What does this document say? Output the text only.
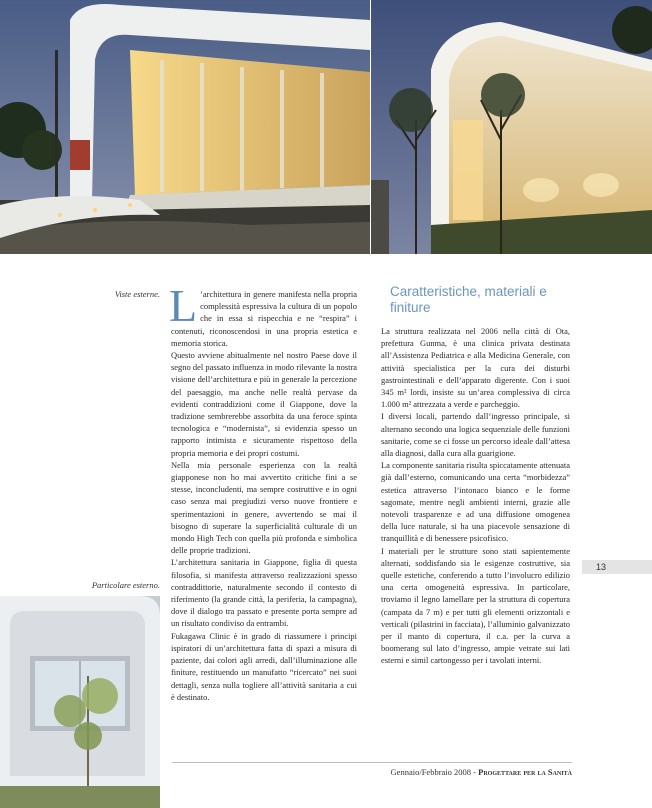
Viste esterne.
Particolare esterno.

L ’architettura in genere manifesta nella propria complessità espressiva la cultura di un popolo che in essa si rispecchia e ne “respira” i contenuti, riconoscendosi in una propria estetica e memoria storica.

Questo avviene abitualmente nel nostro Paese dove il segno del passato influenza in modo rilevante la nostra visione dell’architettura e più in generale la percezione del paesaggio, ma anche nelle realtà pervase da evidenti contraddizioni come il Giappone, dove la tradizione sembrerebbe assorbita da una feroce spinta tecnologica e “modernista”, si evidenzia spesso un rapporto intimista e sicuramente rispettoso della propria memoria e dei propri costumi.

Nella mia personale esperienza con la realtà giapponese non ho mai avvertito critiche fini a se stesse, inconcludenti, ma sempre costruttive e in ogni caso senza mai pregiudizi verso nuove frontiere e sperimentazioni in genere, avvertendo se mai il bisogno di superare la superficialità culturale di un mondo High Tech con quella più profonda e simbolica delle proprie tradizioni.

L’architettura sanitaria in Giappone, figlia di questa filosofia, si manifesta attraverso realizzazioni spesso contraddittorie, naturalmente secondo il contesto di riferimento (la grande città, la periferia, la campagna), dove il dialogo tra passato e presente porta sempre ad un risultato condiviso da entrambi.

Fukagawa Clinic è in grado di riassumere i principi ispiratori di un’architettura fatta di spazi a misura di paziente, dai colori agli arredi, dall’illuminazione alle finiture, restituendo un manufatto “ricercato” nei suoi dettagli, senza nulla togliere all’attività sanitaria a cui è destinato.

Caratteristiche, materiali e finiture

La struttura realizzata nel 2006 nella città di Ota, prefettura Gunma, è una clinica privata destinata all’Assistenza Pediatrica e alla Medicina Generale, con attività specialistica per la cura dei disturbi gastrointestinali e dell’apparato digerente. Con i suoi 345 m² lordi, insiste su un’area complessiva di circa 1.000 m² attrezzata a verde e parcheggio.

I diversi locali, partendo dall’ingresso principale, si alternano secondo una logica sequenziale delle funzioni sanitarie, come se ci fosse un percorso ideale dall’attesa alla diagnosi, dalla cura alla guarigione.

La componente sanitaria risulta spiccatamente attenuata già dall’esterno, comunicando una certa “morbidezza” estetica attraverso l’intonaco bianco e le forme sagomate, mentre negli ambienti interni, grazie alle notevoli trasparenze e ad una diffusione omogenea della luce naturale, si ha una piacevole sensazione di tranquillità e di benessere psicofisico.

I materiali per le strutture sono stati sapientemente alternati, soddisfando sia le esigenze costruttive, sia quelle estetiche, conferendo a tutto l’involucro edilizio una certa omogeneità espressiva. In particolare, troviamo il legno lamellare per la struttura di copertura (campata da 7 m) e per tutti gli elementi orizzontali e verticali (pilastrini in facciata), l’alluminio galvanizzato per il manto di copertura, il c.a. per la curva a boomerang sul lato d’ingresso, ampie vetrate sui lati esterni e simil cartongesso per i tavolati interni.

13
Gennaio/Febbraio 2008 - Progettare per la Sanità
